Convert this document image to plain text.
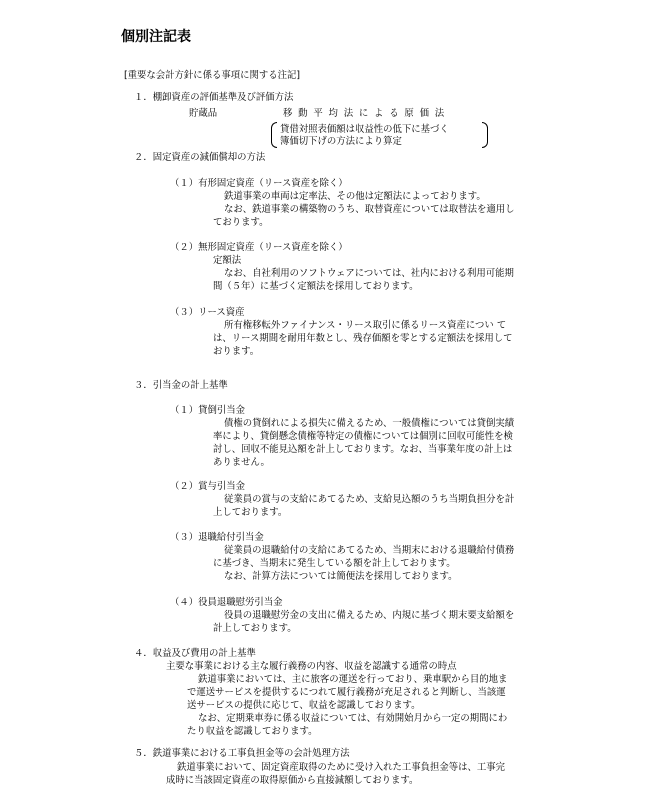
個別注記表

[重要な会計方針に係る事項に関する注記]

１．棚卸資産の評価基準及び評価方法

貯蔵品	移動平均法による原価法

貸借対照表価額は収益性の低下に基づく

簿価切下げの方法により算定

２．固定資産の減価償却の方法

（１）有形固定資産（リース資産を除く）

鉄道事業の車両は定率法、その他は定額法によっております。

なお、鉄道事業の構築物のうち、取替資産については取替法を適用し

ております。

（２）無形固定資産（リース資産を除く）

定額法

なお、自社利用のソフトウェアについては、社内における利用可能期

間（５年）に基づく定額法を採用しております。

（３）リース資産

所有権移転外ファイナンス・リース取引に係るリース資産につい て

は、リース期間を耐用年数とし、残存価額を零とする定額法を採用して

おります。

３．引当金の計上基準

（１）貸倒引当金

債権の貸倒れによる損失に備えるため、一般債権については貸倒実績

率により、貸倒懸念債権等特定の債権については個別に回収可能性を検

討し、回収不能見込額を計上しております。なお、当事業年度の計上は

ありません。

（２）賞与引当金

従業員の賞与の支給にあてるため、支給見込額のうち当期負担分を計

上しております。

（３）退職給付引当金

従業員の退職給付の支給にあてるため、当期末における退職給付債務

に基づき、当期末に発生している額を計上しております。

なお、計算方法については簡便法を採用しております。

（４）役員退職慰労引当金

役員の退職慰労金の支出に備えるため、内規に基づく期末要支給額を

計上しております。

４．収益及び費用の計上基準

主要な事業における主な履行義務の内容、収益を認識する通常の時点

鉄道事業においては、主に旅客の運送を行っており、乗車駅から目的地ま

で運送サービスを提供するにつれて履行義務が充足されると判断し、当該運

送サービスの提供に応じて、収益を認識しております。

なお、定期乗車券に係る収益については、有効開始月から一定の期間にわ

たり収益を認識しております。

５．鉄道事業における工事負担金等の会計処理方法

鉄道事業において、固定資産取得のために受け入れた工事負担金等は、工事完

成時に当該固定資産の取得原価から直接減額しております。
